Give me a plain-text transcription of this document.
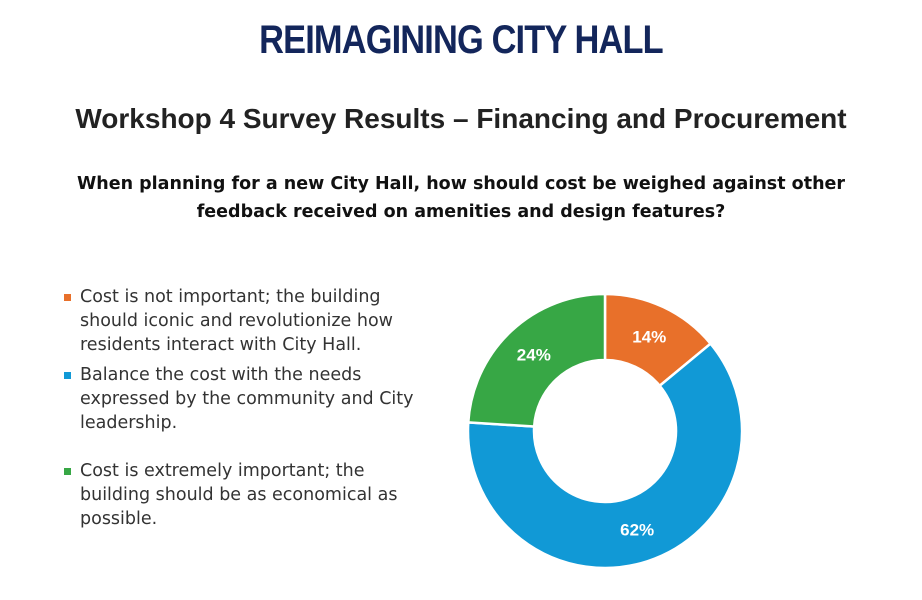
REIMAGINING CITY HALL
Workshop 4 Survey Results – Financing and Procurement
When planning for a new City Hall, how should cost be weighed against other
feedback received on amenities and design features?
Cost is not important; the building should iconic and revolutionize how residents interact with City Hall.
Balance the cost with the needs expressed by the community and City leadership.
Cost is extremely important; the building should be as economical as possible.
14%
62%
24%
